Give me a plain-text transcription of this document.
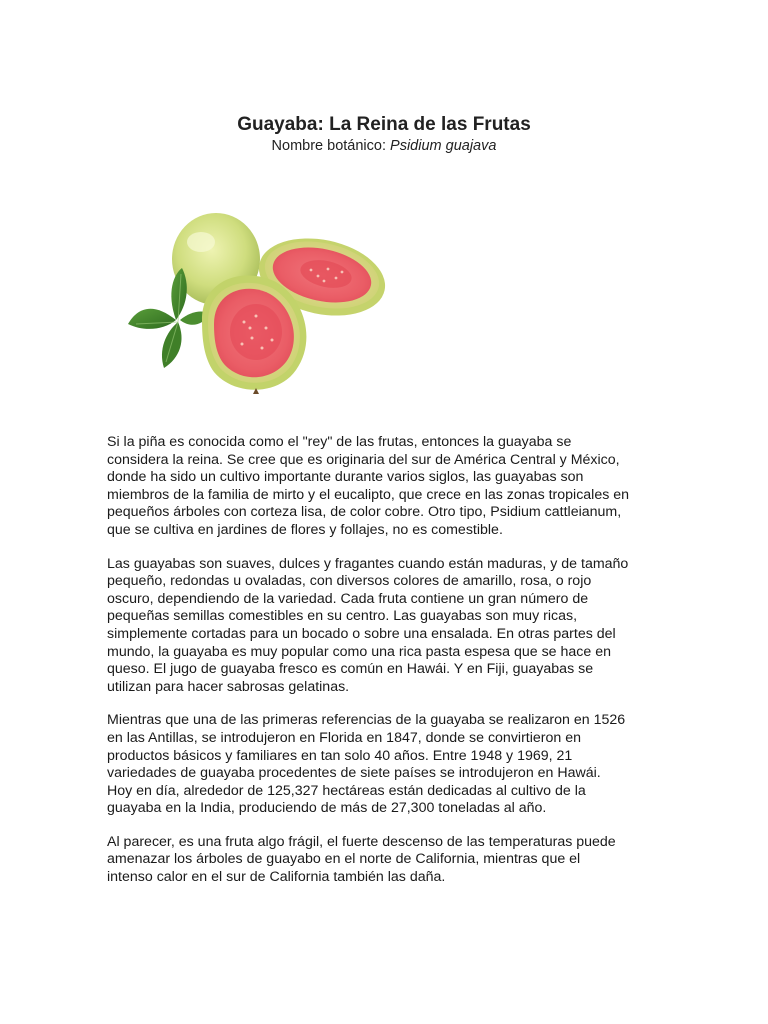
Guayaba: La Reina de las Frutas

Nombre botánico: Psidium guajava

Si la piña es conocida como el "rey" de las frutas, entonces la guayaba se
considera la reina. Se cree que es originaria del sur de América Central y México,
donde ha sido un cultivo importante durante varios siglos, las guayabas son
miembros de la familia de mirto y el eucalipto, que crece en las zonas tropicales en
pequeños árboles con corteza lisa, de color cobre. Otro tipo, Psidium cattleianum,
que se cultiva en jardines de flores y follajes, no es comestible.

Las guayabas son suaves, dulces y fragantes cuando están maduras, y de tamaño
pequeño, redondas u ovaladas, con diversos colores de amarillo, rosa, o rojo
oscuro, dependiendo de la variedad. Cada fruta contiene un gran número de
pequeñas semillas comestibles en su centro. Las guayabas son muy ricas,
simplemente cortadas para un bocado o sobre una ensalada. En otras partes del
mundo, la guayaba es muy popular como una rica pasta espesa que se hace en
queso. El jugo de guayaba fresco es común en Hawái. Y en Fiji, guayabas se
utilizan para hacer sabrosas gelatinas.

Mientras que una de las primeras referencias de la guayaba se realizaron en 1526
en las Antillas, se introdujeron en Florida en 1847, donde se convirtieron en
productos básicos y familiares en tan solo 40 años. Entre 1948 y 1969, 21
variedades de guayaba procedentes de siete países se introdujeron en Hawái.
Hoy en día, alrededor de 125,327 hectáreas están dedicadas al cultivo de la
guayaba en la India, produciendo de más de 27,300 toneladas al año.

Al parecer, es una fruta algo frágil, el fuerte descenso de las temperaturas puede
amenazar los árboles de guayabo en el norte de California, mientras que el
intenso calor en el sur de California también las daña.
